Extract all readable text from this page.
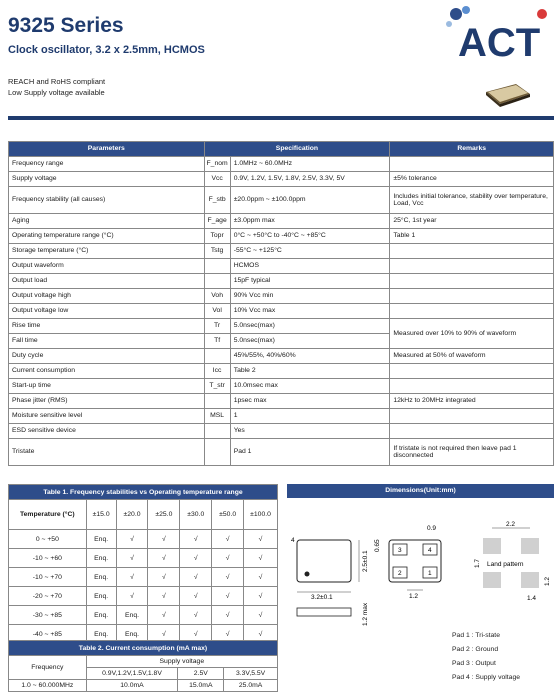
9325 Series
Clock oscillator, 3.2 x 2.5mm, HCMOS
REACH and RoHS compliant
Low Supply voltage available
ACT
Parameters	Specification		Remarks
Frequency range	F_nom	1.0MHz ~ 60.0MHz	
Supply voltage	Vcc	0.9V, 1.2V, 1.5V, 1.8V, 2.5V, 3.3V, 5V	±5% tolerance
Frequency stability (all causes)	F_stb	±20.0ppm ~ ±100.0ppm	Includes initial tolerance, stability over temperature, Load, Vcc
Aging	F_age	±3.0ppm max	25°C, 1st year
Operating temperature range (°C)	Topr	0°C ~ +50°C to -40°C ~ +85°C	Table 1
Storage temperature (°C)	Tstg	-55°C ~ +125°C	
Output waveform		HCMOS	
Output load		15pF typical	
Output voltage high	Voh	90% Vcc min	
Output voltage low	Vol	10% Vcc max	
Rise time	Tr	5.0nsec(max)	Measured over 10% to 90% of waveform
Fall time	Tf	5.0nsec(max)	
Duty cycle		45%/55%, 40%/60%	Measured at 50% of waveform
Current consumption	Icc	Table 2	
Start-up time	T_str	10.0msec max	
Phase jitter (RMS)		1psec max	12kHz to 20MHz integrated
Moisture sensitive level	MSL	1	
ESD sensitive device		Yes	
Tristate		Pad 1	If tristate is not required then leave pad 1 disconnected
Table 1. Frequency stabilities vs Operating temperature range						
Temperature (°C)	±15.0	±20.0	±25.0	±30.0	±50.0	±100.0
0 ~ +50	Enq.	√	√	√	√	√
-10 ~ +60	Enq.	√	√	√	√	√
-10 ~ +70	Enq.	√	√	√	√	√
-20 ~ +70	Enq.	√	√	√	√	√
-30 ~ +85	Enq.	Enq.	√	√	√	√
-40 ~ +85	Enq.	Enq.	√	√	√	√
Table 2. Current consumption (mA max)			
Frequency	Supply voltage		
	0.9V,1.2V,1.5V,1.8V	2.5V	3.3V,5.5V
1.0 ~ 60.000MHz	10.0mA	15.0mA	25.0mA
Dimensions(Unit:mm)
4
3.2±0.1
2.5±0.1
1.2 max
3	4
2	1
0.9
0.65
1.2
2.2
1.7 Land pattern
1.4
1.2
Pad 1 : Tri-state
Pad 2 : Ground
Pad 3 : Output
Pad 4 : Supply voltage
